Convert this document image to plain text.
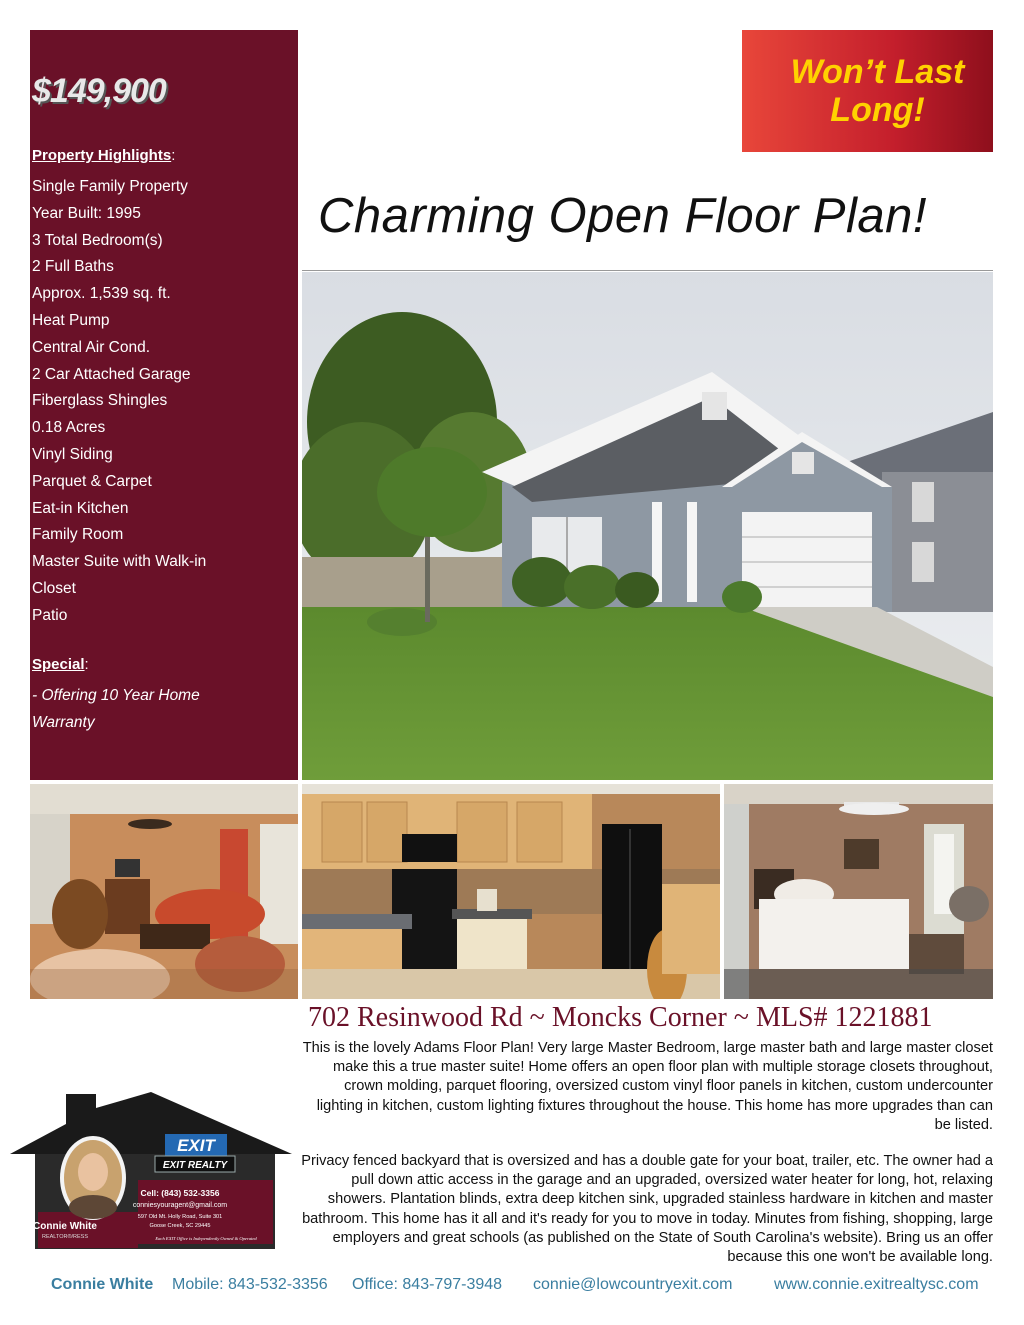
$149,900
Property Highlights:
Single Family Property
Year Built: 1995
3 Total Bedroom(s)
2 Full Baths
Approx. 1,539 sq. ft.
Heat Pump
Central Air Cond.
2 Car Attached Garage
Fiberglass Shingles
0.18 Acres
Vinyl Siding
Parquet & Carpet
Eat-in Kitchen
Family Room
Master Suite with Walk-in
Closet
Patio
Special:
- Offering 10 Year Home Warranty
Won’t Last Long!
Charming Open Floor Plan!
702 Resinwood Rd ~ Moncks Corner ~ MLS# 1221881

This is the lovely Adams Floor Plan! Very large Master Bedroom, large master bath and large master closet make this a true master suite! Home offers an open floor plan with multiple storage closets throughout, crown molding, parquet flooring, oversized custom vinyl floor panels in kitchen, custom undercounter lighting in kitchen, custom lighting fixtures throughout the house. This home has more upgrades than can be listed.

Privacy fenced backyard that is oversized and has a double gate for your boat, trailer, etc. The owner had a pull down attic access in the garage and an upgraded, oversized water heater for long, hot, relaxing showers. Plantation blinds, extra deep kitchen sink, upgraded stainless hardware in kitchen and master bathroom. This home has it all and it's ready for you to move in today. Minutes from fishing, shopping, large employers and great schools (as published on the State of South Carolina's website). Bring us an offer because this one won't be available long.

EXIT
EXIT REALTY
Cell: (843) 532-3356
conniesyouragent@gmail.com
597 Old Mt. Holly Road, Suite 301
Goose Creek, SC 29445
Connie White
REALTOR®/RESS	Each EXIT Office is Independently Owned & Operated
Connie White Mobile: 843-532-3356 Office: 843-797-3948 connie@lowcountryexit.com	www.connie.exitrealtysc.com
